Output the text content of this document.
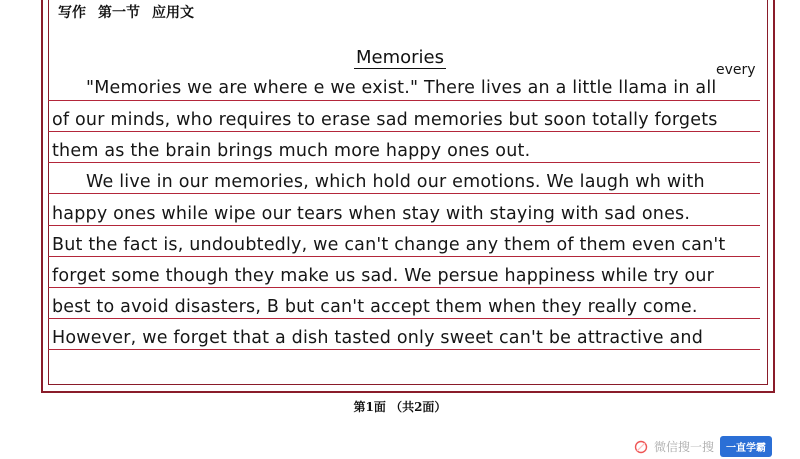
写作 第一节 应用文
Memories
every
"Memories we are where e we exist." There lives an a little llama in all
of our minds, who requires to erase sad memories but soon totally forgets
them as the brain brings much more happy ones out.
We live in our memories, which hold our emotions. We laugh wh with
happy ones while wipe our tears when stay with staying with sad ones.
But the fact is, undoubtedly, we can't change any them of them even can't
forget some though they make us sad. We persue happiness while try our
best to avoid disasters, B but can't accept them when they really come.
However, we forget that a dish tasted only sweet can't be attractive and
第1面 （共2面）
微信搜一搜	一直学霸
